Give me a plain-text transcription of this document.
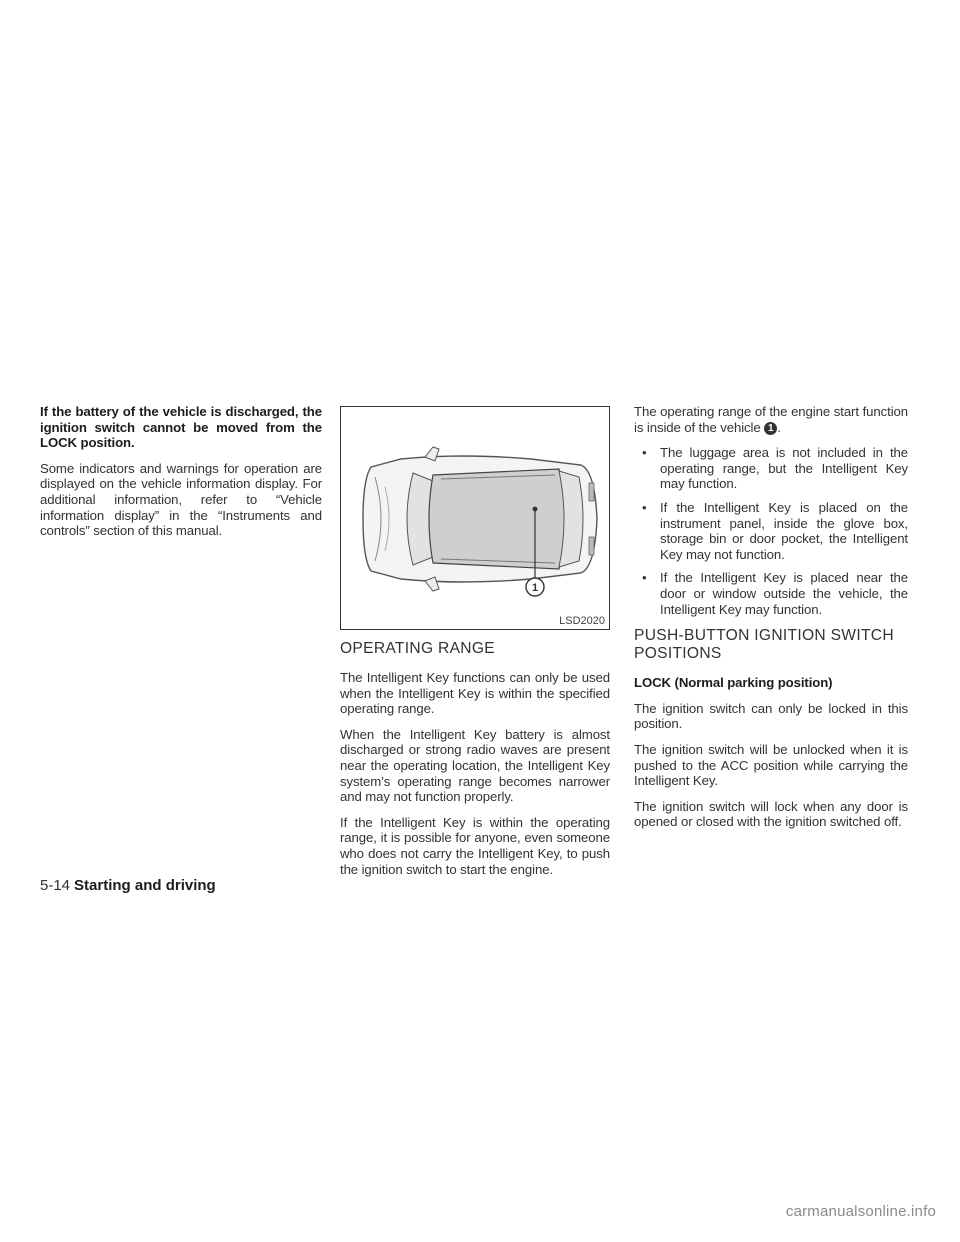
If the battery of the vehicle is discharged, the ignition switch cannot be moved from the LOCK position.

Some indicators and warnings for operation are displayed on the vehicle information display. For additional information, refer to “Vehicle information display” in the “Instruments and controls” section of this manual.

1
LSD2020
OPERATING RANGE

The Intelligent Key functions can only be used when the Intelligent Key is within the specified operating range.

When the Intelligent Key battery is almost discharged or strong radio waves are present near the operating location, the Intelligent Key system’s operating range becomes narrower and may not function properly.

If the Intelligent Key is within the operating range, it is possible for anyone, even someone who does not carry the Intelligent Key, to push the ignition switch to start the engine.

The operating range of the engine start function is inside of the vehicle 1 .

• The luggage area is not included in the operating range, but the Intelligent Key may function.
• If the Intelligent Key is placed on the instrument panel, inside the glove box, storage bin or door pocket, the Intelligent Key may not function.
• If the Intelligent Key is placed near the door or window outside the vehicle, the Intelligent Key may function.
PUSH-BUTTON IGNITION SWITCH POSITIONS

LOCK (Normal parking position)

The ignition switch can only be locked in this position.

The ignition switch will be unlocked when it is pushed to the ACC position while carrying the Intelligent Key.

The ignition switch will lock when any door is opened or closed with the ignition switched off.

5-14 Starting and driving
carmanualsonline.info
